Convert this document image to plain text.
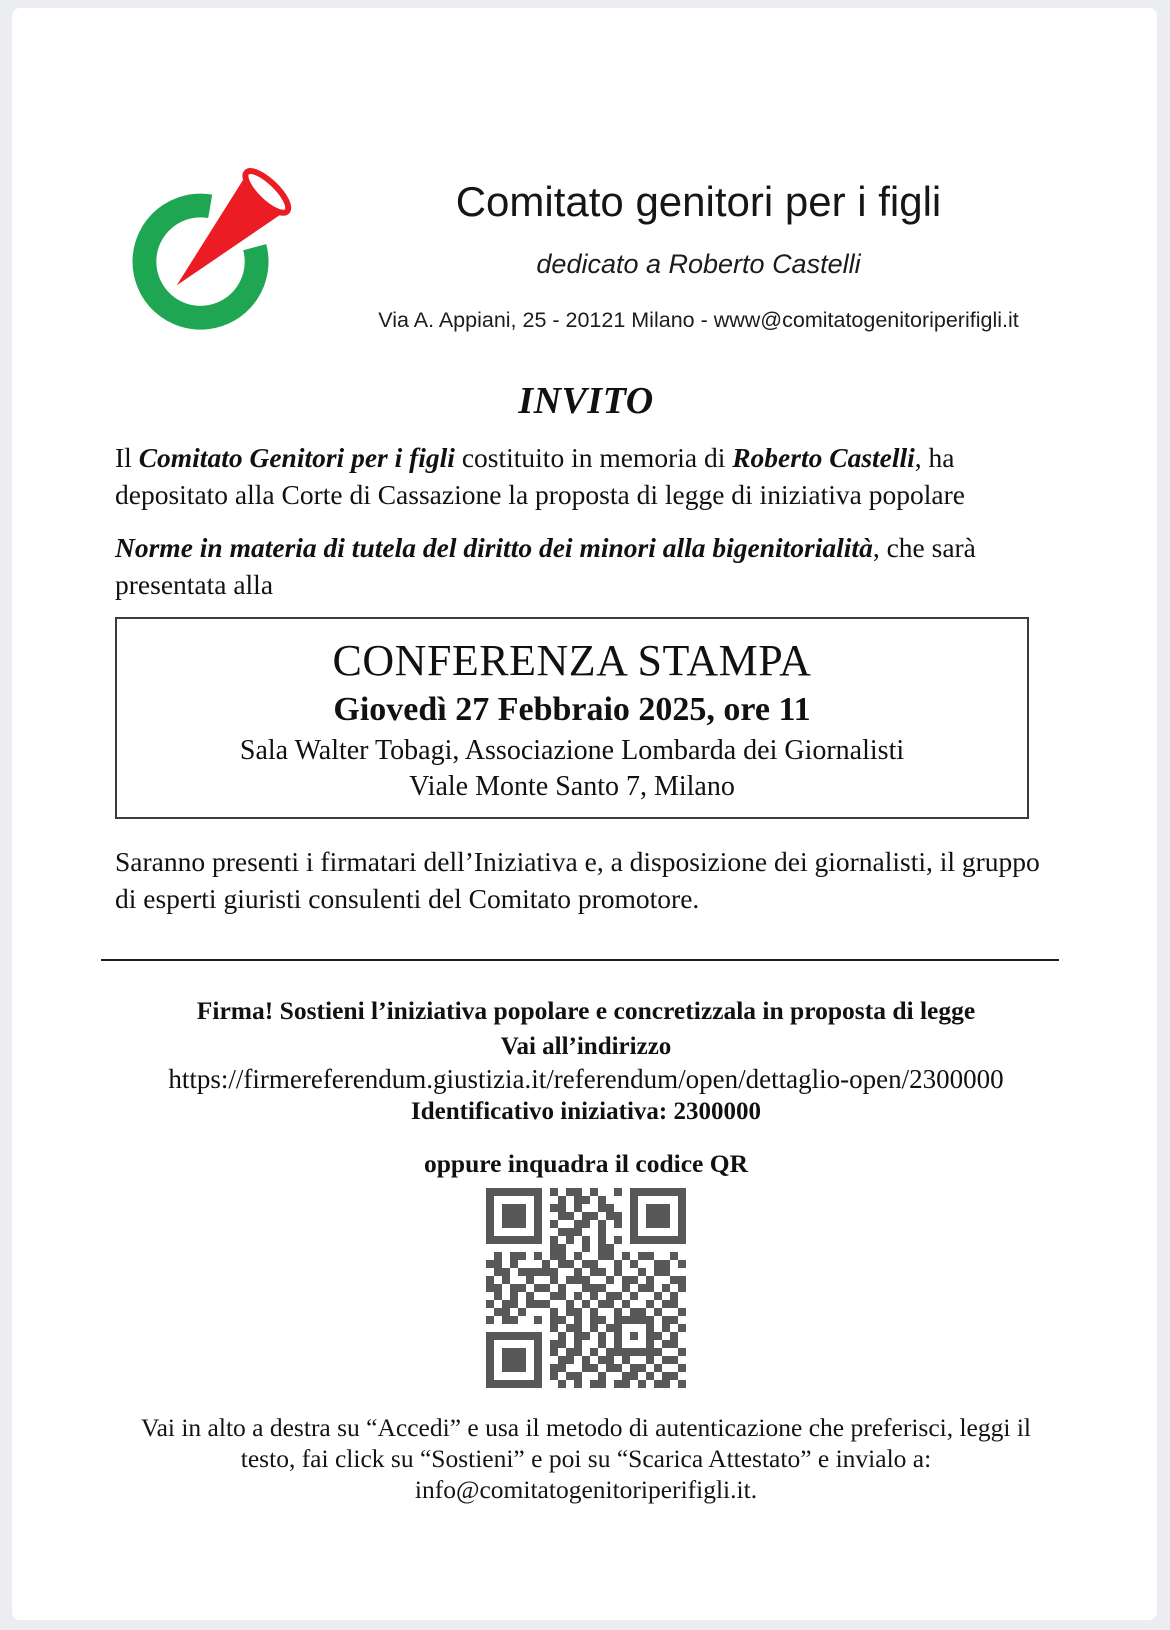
Comitato genitori per i figli
dedicato a Roberto Castelli
Via A. Appiani, 25 - 20121 Milano - www@comitatogenitoriperifigli.it
INVITO

Il Comitato Genitori per i figli costituito in memoria di Roberto Castelli, ha depositato alla Corte di Cassazione la proposta di legge di iniziativa popolare

Norme in materia di tutela del diritto dei minori alla bigenitorialità, che sarà presentata alla

CONFERENZA STAMPA
Giovedì 27 Febbraio 2025, ore 11
Sala Walter Tobagi, Associazione Lombarda dei Giornalisti
Viale Monte Santo 7, Milano

Saranno presenti i firmatari dell’Iniziativa e, a disposizione dei giornalisti, il gruppo di esperti giuristi consulenti del Comitato promotore.

Firma! Sostieni l’iniziativa popolare e concretizzala in proposta di legge

Vai all’indirizzo

https://firmereferendum.giustizia.it/referendum/open/dettaglio-open/2300000

Identificativo iniziativa: 2300000

oppure inquadra il codice QR

Vai in alto a destra su “Accedi” e usa il metodo di autenticazione che preferisci, leggi il testo, fai click su “Sostieni” e poi su “Scarica Attestato” e invialo a: info@comitatogenitoriperifigli.it.
